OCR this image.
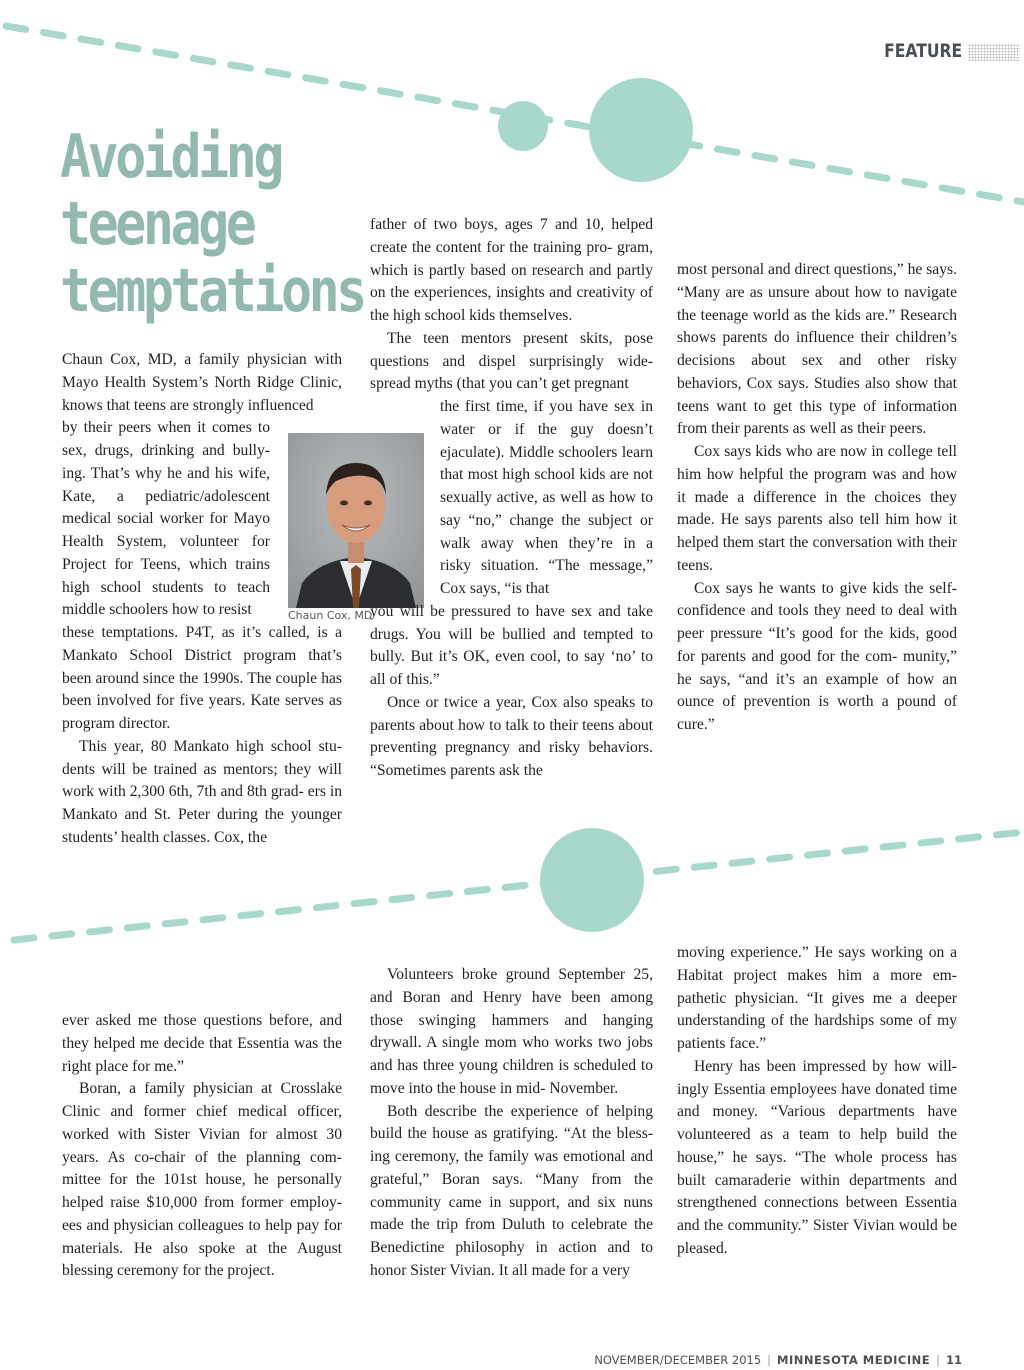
FEATURE
Avoiding
teenage
temptations

Chaun Cox, MD, a family physician with Mayo Health System’s North Ridge Clinic, knows that teens are strongly influenced

by their peers when it comes to sex, drugs, drinking and bully- ing. That’s why he and his wife, Kate, a pediatric/adolescent medical social worker for Mayo Health System, volunteer for Project for Teens, which trains high school students to teach middle schoolers how to resist

these temptations. P4T, as it’s called, is a Mankato School District program that’s been around since the 1990s. The couple has been involved for five years. Kate serves as program director.

This year, 80 Mankato high school stu- dents will be trained as mentors; they will work with 2,300 6th, 7th and 8th grad- ers in Mankato and St. Peter during the younger students’ health classes. Cox, the

Chaun Cox, MD

father of two boys, ages 7 and 10, helped create the content for the training pro- gram, which is partly based on research and partly on the experiences, insights and creativity of the high school kids themselves.

The teen mentors present skits, pose questions and dispel surprisingly wide- spread myths (that you can’t get pregnant

the first time, if you have sex in water or if the guy doesn’t ejaculate). Middle schoolers learn that most high school kids are not sexually active, as well as how to say “no,” change the subject or walk away when they’re in a risky situation. “The message,” Cox says, “is that

you will be pressured to have sex and take drugs. You will be bullied and tempted to bully. But it’s OK, even cool, to say ‘no’ to all of this.”

Once or twice a year, Cox also speaks to parents about how to talk to their teens about preventing pregnancy and risky behaviors. “Sometimes parents ask the

most personal and direct questions,” he says. “Many are as unsure about how to navigate the teenage world as the kids are.” Research shows parents do influence their children’s decisions about sex and other risky behaviors, Cox says. Studies also show that teens want to get this type of information from their parents as well as their peers.

Cox says kids who are now in college tell him how helpful the program was and how it made a difference in the choices they made. He says parents also tell him how it helped them start the conversation with their teens.

Cox says he wants to give kids the self- confidence and tools they need to deal with peer pressure “It’s good for the kids, good for parents and good for the com- munity,” he says, “and it’s an example of how an ounce of prevention is worth a pound of cure.”

ever asked me those questions before, and they helped me decide that Essentia was the right place for me.”

Boran, a family physician at Crosslake Clinic and former chief medical officer, worked with Sister Vivian for almost 30 years. As co-chair of the planning com- mittee for the 101st house, he personally helped raise $10,000 from former employ- ees and physician colleagues to help pay for materials. He also spoke at the August blessing ceremony for the project.

Volunteers broke ground September 25, and Boran and Henry have been among those swinging hammers and hanging drywall. A single mom who works two jobs and has three young children is scheduled to move into the house in mid- November.

Both describe the experience of helping build the house as gratifying. “At the bless- ing ceremony, the family was emotional and grateful,” Boran says. “Many from the community came in support, and six nuns made the trip from Duluth to celebrate the Benedictine philosophy in action and to honor Sister Vivian. It all made for a very

moving experience.” He says working on a Habitat project makes him a more em- pathetic physician. “It gives me a deeper understanding of the hardships some of my patients face.”

Henry has been impressed by how will- ingly Essentia employees have donated time and money. “Various departments have volunteered as a team to help build the house,” he says. “The whole process has built camaraderie within departments and strengthened connections between Essentia and the community.” Sister Vivian would be pleased.

NOVEMBER/DECEMBER 2015 | MINNESOTA MEDICINE | 11
